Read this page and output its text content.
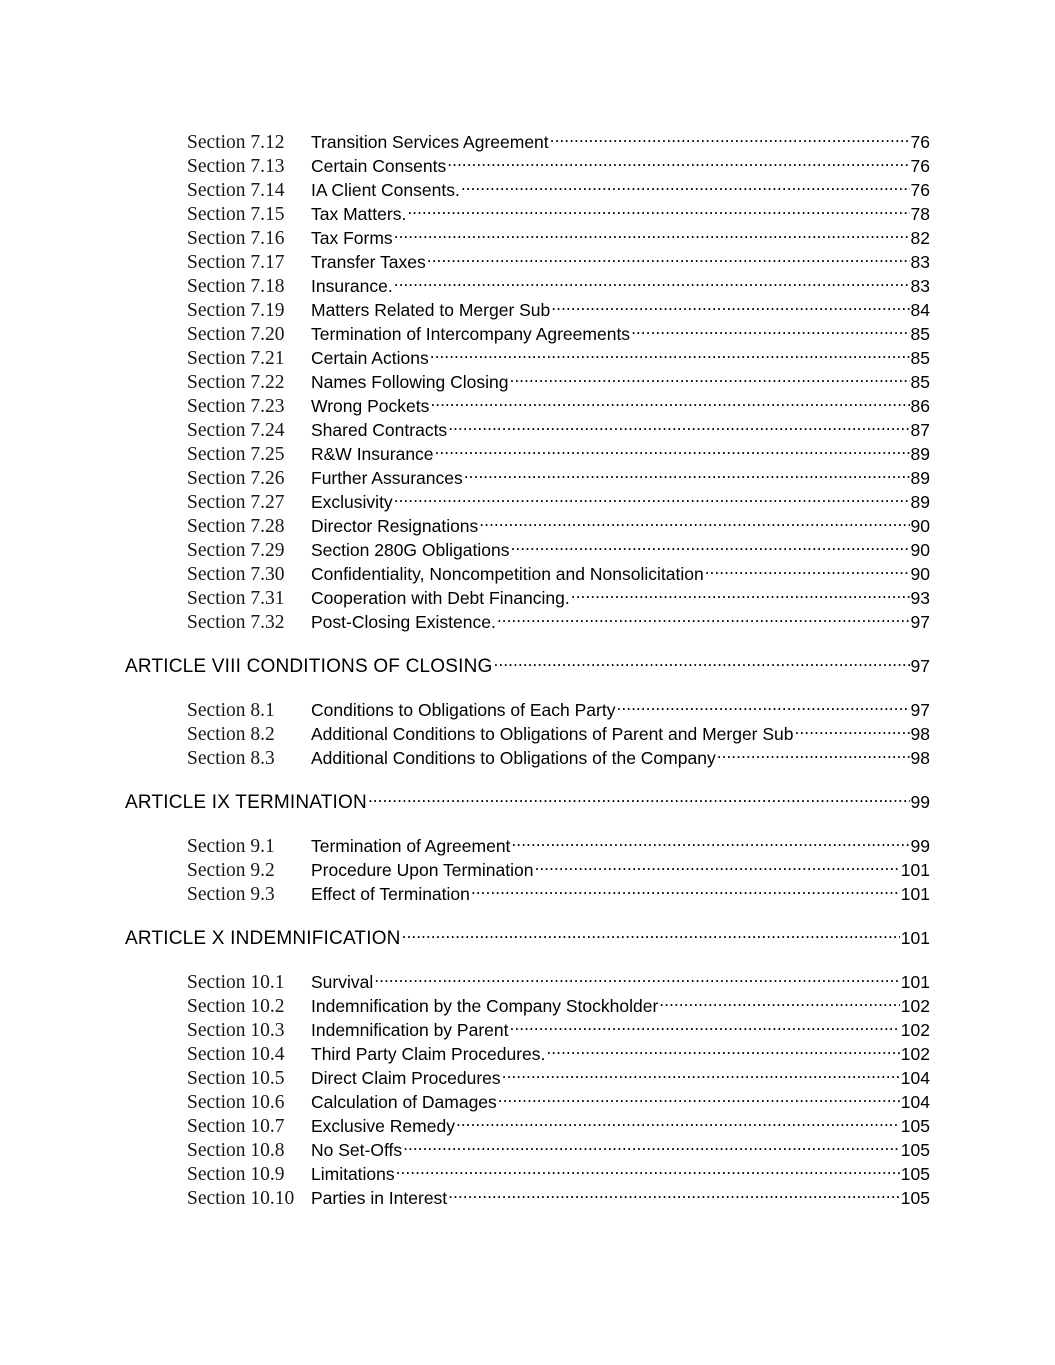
Section 7.12	Transition Services Agreement .....	76
Section 7.13	Certain Consents .....	76
Section 7.14	IA Client Consents. .....	76
Section 7.15	Tax Matters. .....	78
Section 7.16	Tax Forms .....	82
Section 7.17	Transfer Taxes .....	83
Section 7.18	Insurance. .....	83
Section 7.19	Matters Related to Merger Sub .....	84
Section 7.20	Termination of Intercompany Agreements .....	85
Section 7.21	Certain Actions .....	85
Section 7.22	Names Following Closing .....	85
Section 7.23	Wrong Pockets .....	86
Section 7.24	Shared Contracts .....	87
Section 7.25	R&W Insurance .....	89
Section 7.26	Further Assurances .....	89
Section 7.27	Exclusivity .....	89
Section 7.28	Director Resignations .....	90
Section 7.29	Section 280G Obligations .....	90
Section 7.30	Confidentiality, Noncompetition and Nonsolicitation .....	90
Section 7.31	Cooperation with Debt Financing. .....	93
Section 7.32	Post-Closing Existence. .....	97
ARTICLE VIII CONDITIONS OF CLOSING .....	97
Section 8.1	Conditions to Obligations of Each Party .....	97
Section 8.2	Additional Conditions to Obligations of Parent and Merger Sub .....	98
Section 8.3	Additional Conditions to Obligations of the Company .....	98
ARTICLE IX TERMINATION .....	99
Section 9.1	Termination of Agreement .....	99
Section 9.2	Procedure Upon Termination .....	101
Section 9.3	Effect of Termination .....	101
ARTICLE X INDEMNIFICATION .....	101
Section 10.1	Survival .....	101
Section 10.2	Indemnification by the Company Stockholder .....	102
Section 10.3	Indemnification by Parent .....	102
Section 10.4	Third Party Claim Procedures. .....	102
Section 10.5	Direct Claim Procedures .....	104
Section 10.6	Calculation of Damages .....	104
Section 10.7	Exclusive Remedy .....	105
Section 10.8	No Set-Offs .....	105
Section 10.9	Limitations .....	105
Section 10.10 Parties in Interest .....	105
